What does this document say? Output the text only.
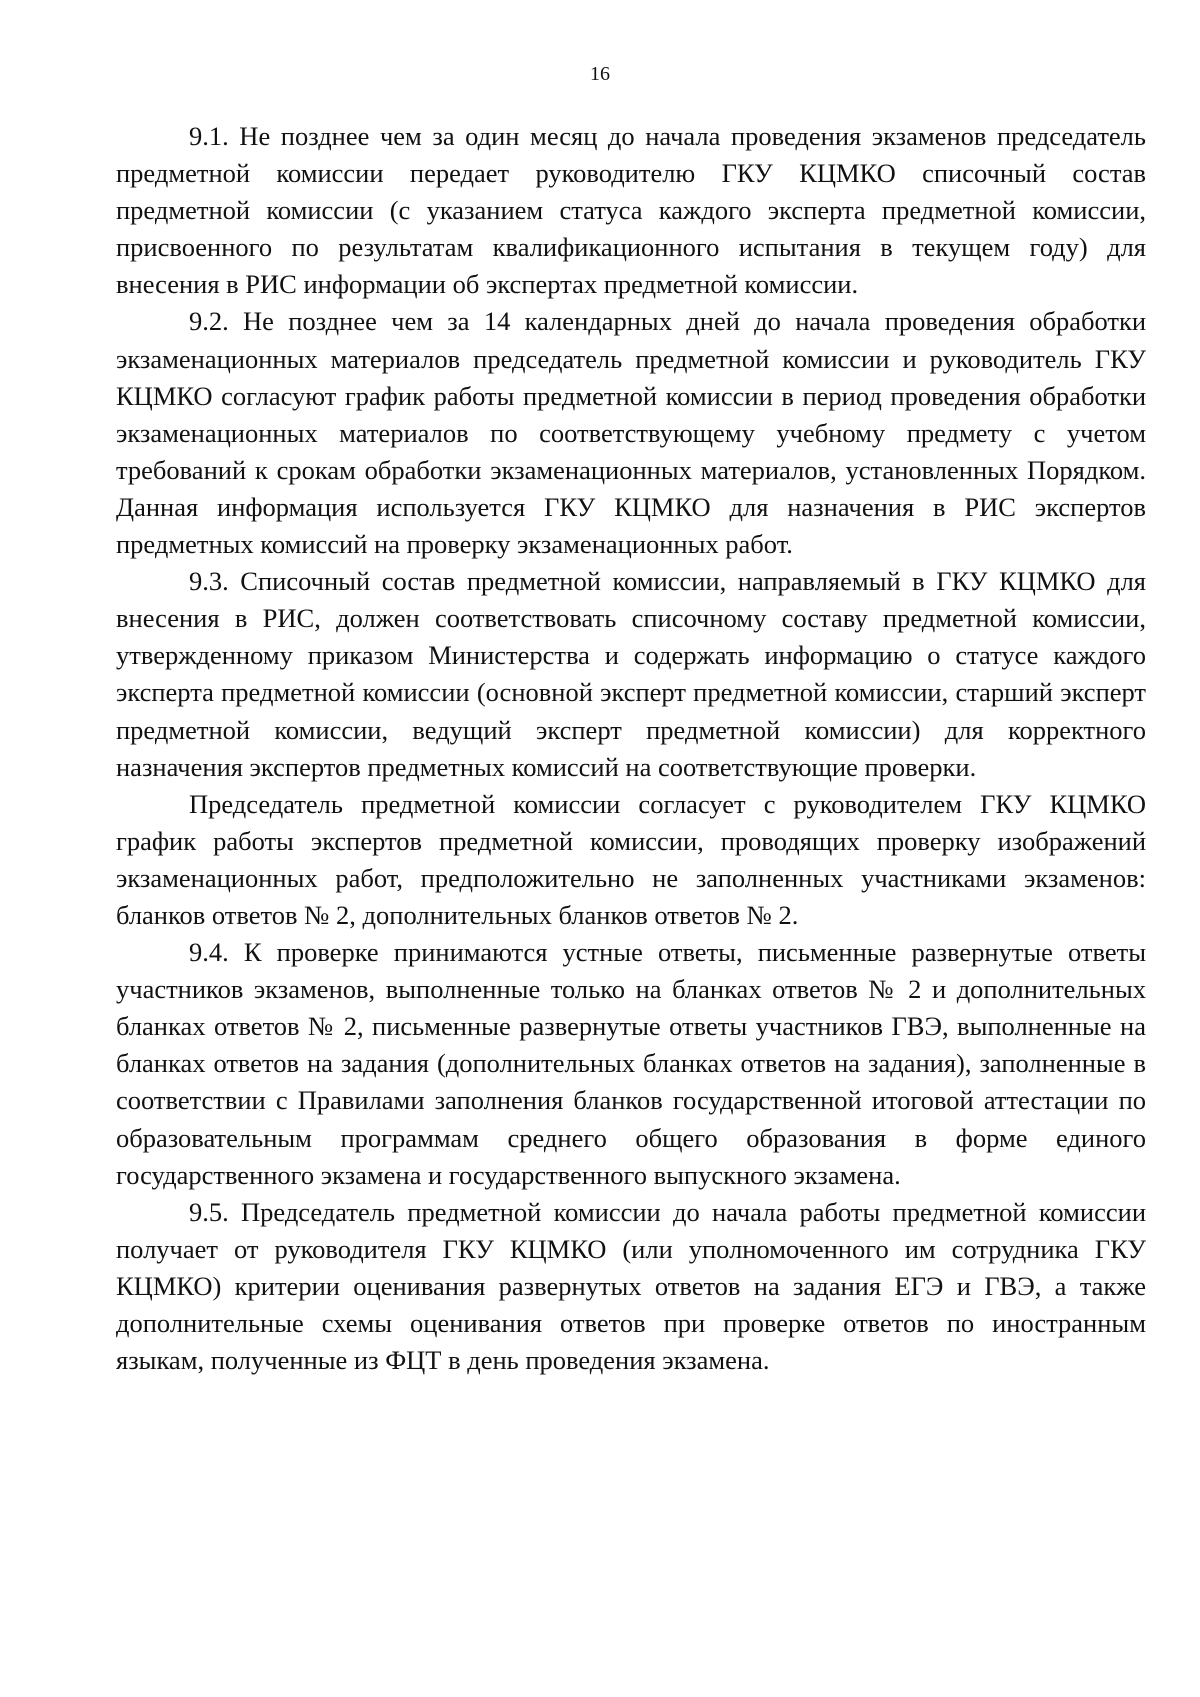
16

9.1. Не позднее чем за один месяц до начала проведения экзаменов председатель предметной комиссии передает руководителю ГКУ КЦМКО списочный состав предметной комиссии (с указанием статуса каждого эксперта предметной комиссии, присвоенного по результатам квалификационного испытания в текущем году) для внесения в РИС информации об экспертах предметной комиссии.

9.2. Не позднее чем за 14 календарных дней до начала проведения обработки экзаменационных материалов председатель предметной комиссии и руководитель ГКУ КЦМКО согласуют график работы предметной комиссии в период проведения обработки экзаменационных материалов по соответствующему учебному предмету с учетом требований к срокам обработки экзаменационных материалов, установленных Порядком. Данная информация используется ГКУ КЦМКО для назначения в РИС экспертов предметных комиссий на проверку экзаменационных работ.

9.3. Списочный состав предметной комиссии, направляемый в ГКУ КЦМКО для внесения в РИС, должен соответствовать списочному составу предметной комиссии, утвержденному приказом Министерства и содержать информацию о статусе каждого эксперта предметной комиссии (основной эксперт предметной комиссии, старший эксперт предметной комиссии, ведущий эксперт предметной комиссии) для корректного назначения экспертов предметных комиссий на соответствующие проверки.

Председатель предметной комиссии согласует с руководителем ГКУ КЦМКО график работы экспертов предметной комиссии, проводящих проверку изображений экзаменационных работ, предположительно не заполненных участниками экзаменов: бланков ответов № 2, дополнительных бланков ответов № 2.

9.4. К проверке принимаются устные ответы, письменные развернутые ответы участников экзаменов, выполненные только на бланках ответов № 2 и дополнительных бланках ответов № 2, письменные развернутые ответы участников ГВЭ, выполненные на бланках ответов на задания (дополнительных бланках ответов на задания), заполненные в соответствии с Правилами заполнения бланков государственной итоговой аттестации по образовательным программам среднего общего образования в форме единого государственного экзамена и государственного выпускного экзамена.

9.5. Председатель предметной комиссии до начала работы предметной комиссии получает от руководителя ГКУ КЦМКО (или уполномоченного им сотрудника ГКУ КЦМКО) критерии оценивания развернутых ответов на задания ЕГЭ и ГВЭ, а также дополнительные схемы оценивания ответов при проверке ответов по иностранным языкам, полученные из ФЦТ в день проведения экзамена.
